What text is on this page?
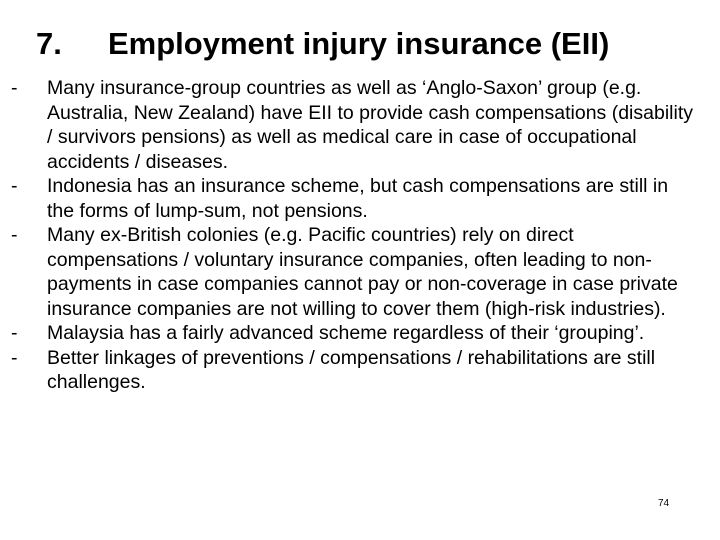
7. Employment injury insurance (EII)
- Many insurance-group countries as well as ‘Anglo-Saxon’ group (e.g. Australia, New Zealand) have EII to provide cash compensations (disability / survivors pensions) as well as medical care in case of occupational accidents / diseases.
- Indonesia has an insurance scheme, but cash compensations are still in the forms of lump-sum, not pensions.
- Many ex-British colonies (e.g. Pacific countries) rely on direct compensations / voluntary insurance companies, often leading to non-payments in case companies cannot pay or non-coverage in case private insurance companies are not willing to cover them (high-risk industries).
- Malaysia has a fairly advanced scheme regardless of their ‘grouping’.
- Better linkages of preventions / compensations / rehabilitations are still challenges.
74
